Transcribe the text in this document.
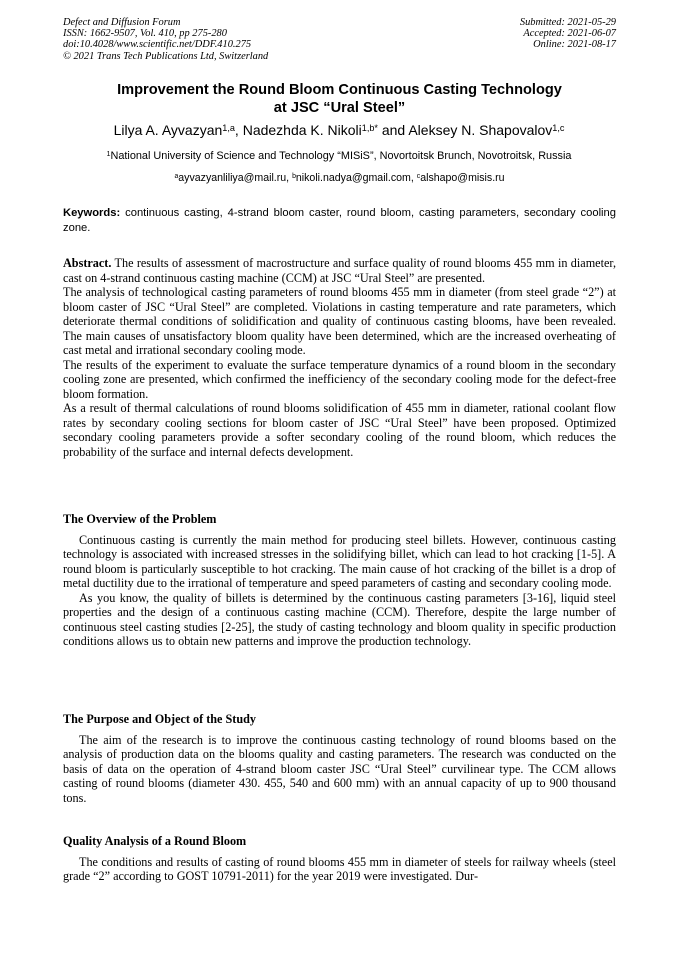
Defect and Diffusion Forum
ISSN: 1662-9507, Vol. 410, pp 275-280
doi:10.4028/www.scientific.net/DDF.410.275
© 2021 Trans Tech Publications Ltd, Switzerland
Submitted: 2021-05-29
Accepted: 2021-06-07
Online: 2021-08-17
Improvement the Round Bloom Continuous Casting Technology
at JSC “Ural Steel”
Lilya A. Ayvazyan$^{1,a}$, Nadezhda K. Nikoli$^{1,b*}$ and Aleksey N. Shapovalov$^{1,c}$
$^1$National University of Science and Technology “MISiS”, Novortoitsk Brunch, Novotroitsk, Russia
$^a$ayvazyanliliya@mail.ru, $^b$nikoli.nadya@gmail.com, $^c$alshapo@misis.ru
Keywords: continuous casting, 4-strand bloom caster, round bloom, casting parameters, secondary cooling zone.

Abstract. The results of assessment of macrostructure and surface quality of round blooms 455 mm in diameter, cast on 4-strand continuous casting machine (CCM) at JSC “Ural Steel” are presented.

The analysis of technological casting parameters of round blooms 455 mm in diameter (from steel grade “2”) at bloom caster of JSC “Ural Steel” are completed. Violations in casting temperature and rate parameters, which deteriorate thermal conditions of solidification and quality of continuous casting blooms, have been revealed. The main causes of unsatisfactory bloom quality have been determined, which are the increased overheating of cast metal and irrational secondary cooling mode.

The results of the experiment to evaluate the surface temperature dynamics of a round bloom in the secondary cooling zone are presented, which confirmed the inefficiency of the secondary cooling mode for the defect-free bloom formation.

As a result of thermal calculations of round blooms solidification of 455 mm in diameter, rational coolant flow rates by secondary cooling sections for bloom caster of JSC “Ural Steel” have been proposed. Optimized secondary cooling parameters provide a softer secondary cooling of the round bloom, which reduces the probability of the surface and internal defects development.

The Overview of the Problem

Continuous casting is currently the main method for producing steel billets. However, continuous casting technology is associated with increased stresses in the solidifying billet, which can lead to hot cracking [1-5]. A round bloom is particularly susceptible to hot cracking. The main cause of hot cracking of the billet is a drop of metal ductility due to the irrational of temperature and speed parameters of casting and secondary cooling mode.

As you know, the quality of billets is determined by the continuous casting parameters [3-16], liquid steel properties and the design of a continuous casting machine (CCM). Therefore, despite the large number of continuous steel casting studies [2-25], the study of casting technology and bloom quality in specific production conditions allows us to obtain new patterns and improve the production technology.

The Purpose and Object of the Study

The aim of the research is to improve the continuous casting technology of round blooms based on the analysis of production data on the blooms quality and casting parameters. The research was conducted on the basis of data on the operation of 4-strand bloom caster JSC “Ural Steel” curvilinear type. The CCM allows casting of round blooms (diameter 430. 455, 540 and 600 mm) with an annual capacity of up to 900 thousand tons.

Quality Analysis of a Round Bloom

The conditions and results of casting of round blooms 455 mm in diameter of steels for railway wheels (steel grade “2” according to GOST 10791-2011) for the year 2019 were investigated. Dur-
